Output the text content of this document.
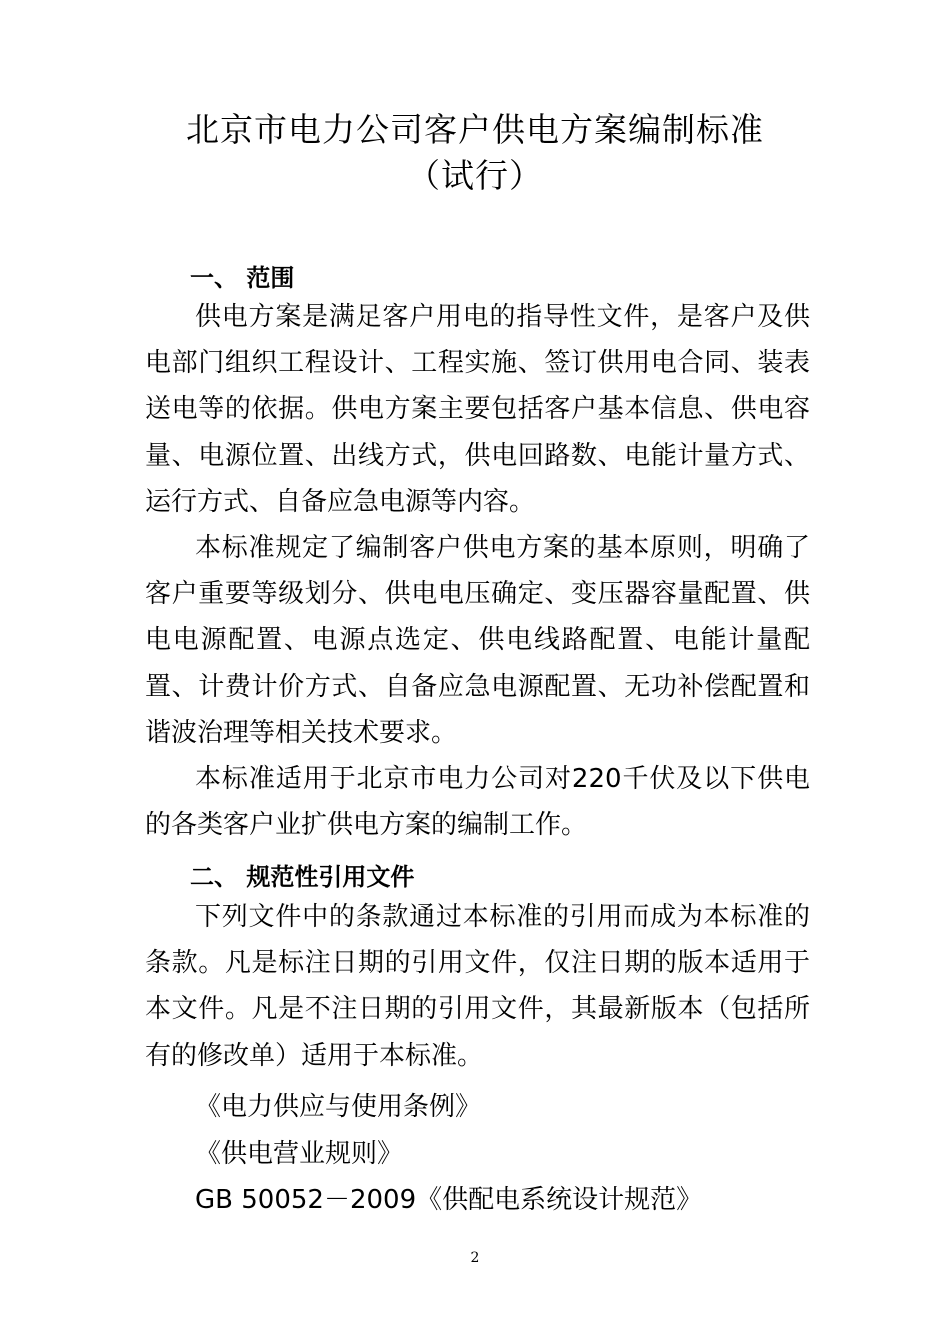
北京市电力公司客户供电方案编制标准
（试行）
一、 范围

供电方案是满足客户用电的指导性文件，是客户及供电部门组织工程设计、工程实施、签订供用电合同、装表送电等的依据。供电方案主要包括客户基本信息、供电容量、电源位置、出线方式，供电回路数、电能计量方式、运行方式、自备应急电源等内容。

本标准规定了编制客户供电方案的基本原则，明确了客户重要等级划分、供电电压确定、变压器容量配置、供电电源配置、电源点选定、供电线路配置、电能计量配置、计费计价方式、自备应急电源配置、无功补偿配置和谐波治理等相关技术要求。

本标准适用于北京市电力公司对220千伏及以下供电的各类客户业扩供电方案的编制工作。

二、 规范性引用文件

下列文件中的条款通过本标准的引用而成为本标准的条款。凡是标注日期的引用文件，仅注日期的版本适用于本文件。凡是不注日期的引用文件，其最新版本（包括所有的修改单）适用于本标准。

《电力供应与使用条例》
《供电营业规则》
GB 50052－2009《供配电系统设计规范》
2
